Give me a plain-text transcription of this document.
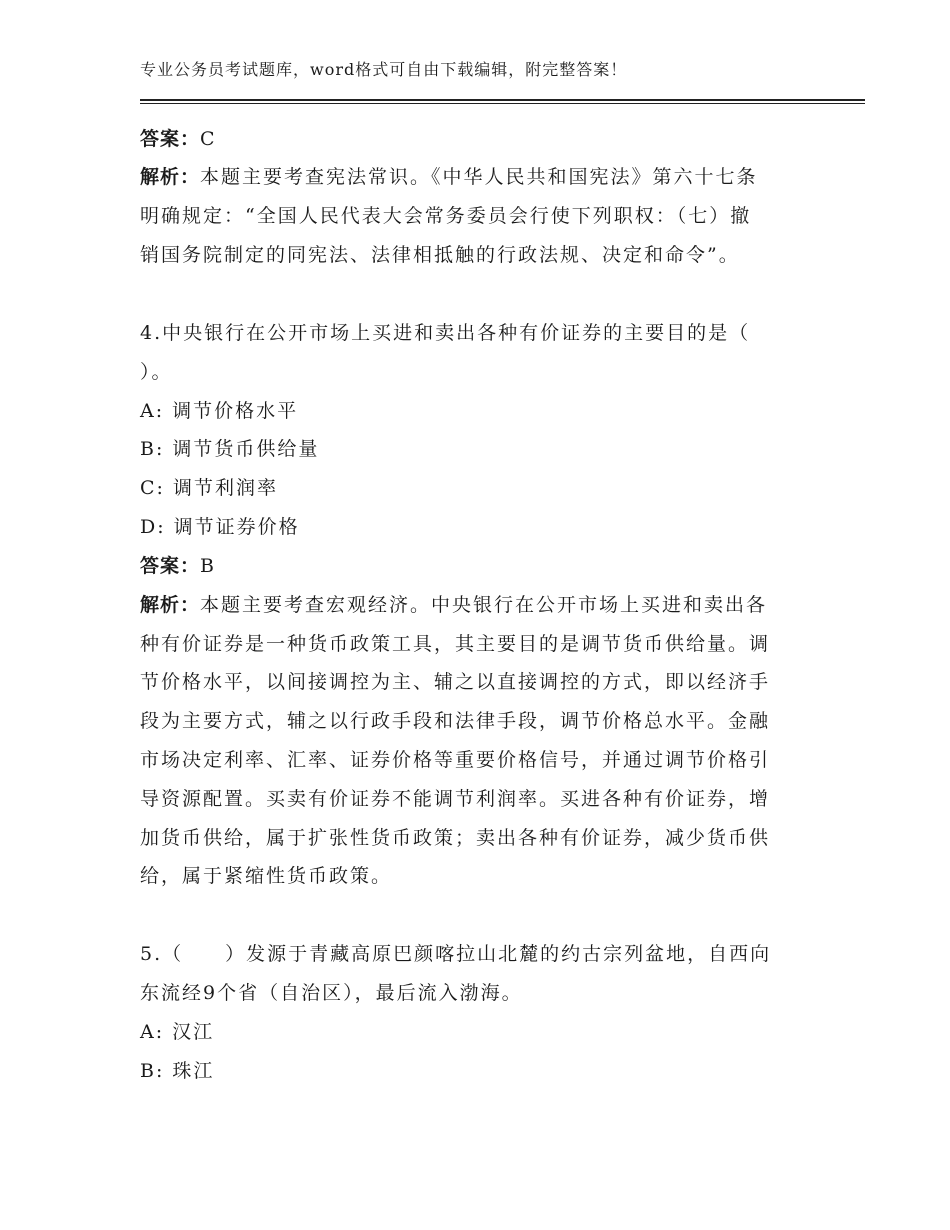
专业公务员考试题库，word格式可自由下载编辑，附完整答案！
答案：C
解析：本题主要考查宪法常识。《中华人民共和国宪法》第六十七条
明确规定：“全国人民代表大会常务委员会行使下列职权：（七）撤
销国务院制定的同宪法、法律相抵触的行政法规、决定和命令”。
4.中央银行在公开市场上买进和卖出各种有价证券的主要目的是（
）。
A: 调节价格水平
B: 调节货币供给量
C: 调节利润率
D: 调节证券价格
答案：B
解析：本题主要考查宏观经济。中央银行在公开市场上买进和卖出各
种有价证券是一种货币政策工具，其主要目的是调节货币供给量。调
节价格水平，以间接调控为主、辅之以直接调控的方式，即以经济手
段为主要方式，辅之以行政手段和法律手段，调节价格总水平。金融
市场决定利率、汇率、证券价格等重要价格信号，并通过调节价格引
导资源配置。买卖有价证券不能调节利润率。买进各种有价证券，增
加货币供给，属于扩张性货币政策；卖出各种有价证券，减少货币供
给，属于紧缩性货币政策。
5.（　　）发源于青藏高原巴颜喀拉山北麓的约古宗列盆地，自西向
东流经9个省（自治区），最后流入渤海。
A: 汉江
B: 珠江
